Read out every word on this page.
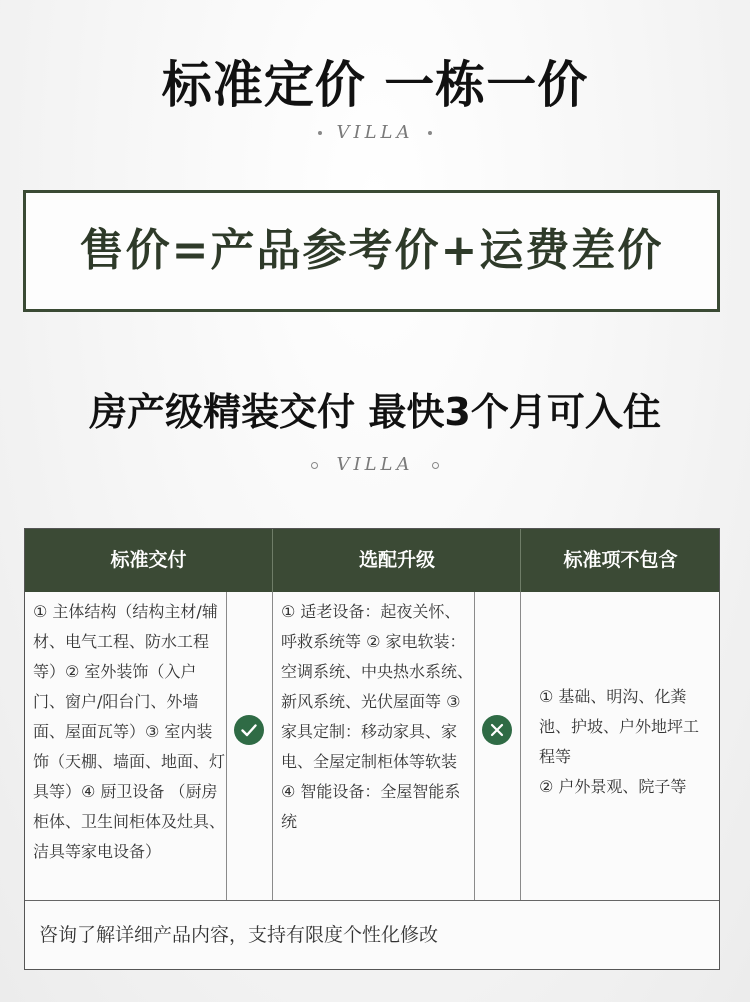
标准定价 一栋一价
VILLA
售价=产品参考价+运费差价
房产级精装交付 最快3个月可入住
VILLA
标准交付	选配升级	标准项不包含
① 主体结构（结构主材/辅材、电气工程、防水工程等）② 室外装饰（入户门、窗户/阳台门、外墙面、屋面瓦等）③ 室内装饰（天棚、墙面、地面、灯具等）④ 厨卫设备 （厨房柜体、卫生间柜体及灶具、洁具等家电设备）
① 适老设备：起夜关怀、呼救系统等 ② 家电软装：空调系统、中央热水系统、新风系统、光伏屋面等 ③ 家具定制：移动家具、家电、全屋定制柜体等软装 ④ 智能设备：全屋智能系统
① 基础、明沟、化粪池、护坡、户外地坪工程等
② 户外景观、院子等
咨询了解详细产品内容，支持有限度个性化修改
